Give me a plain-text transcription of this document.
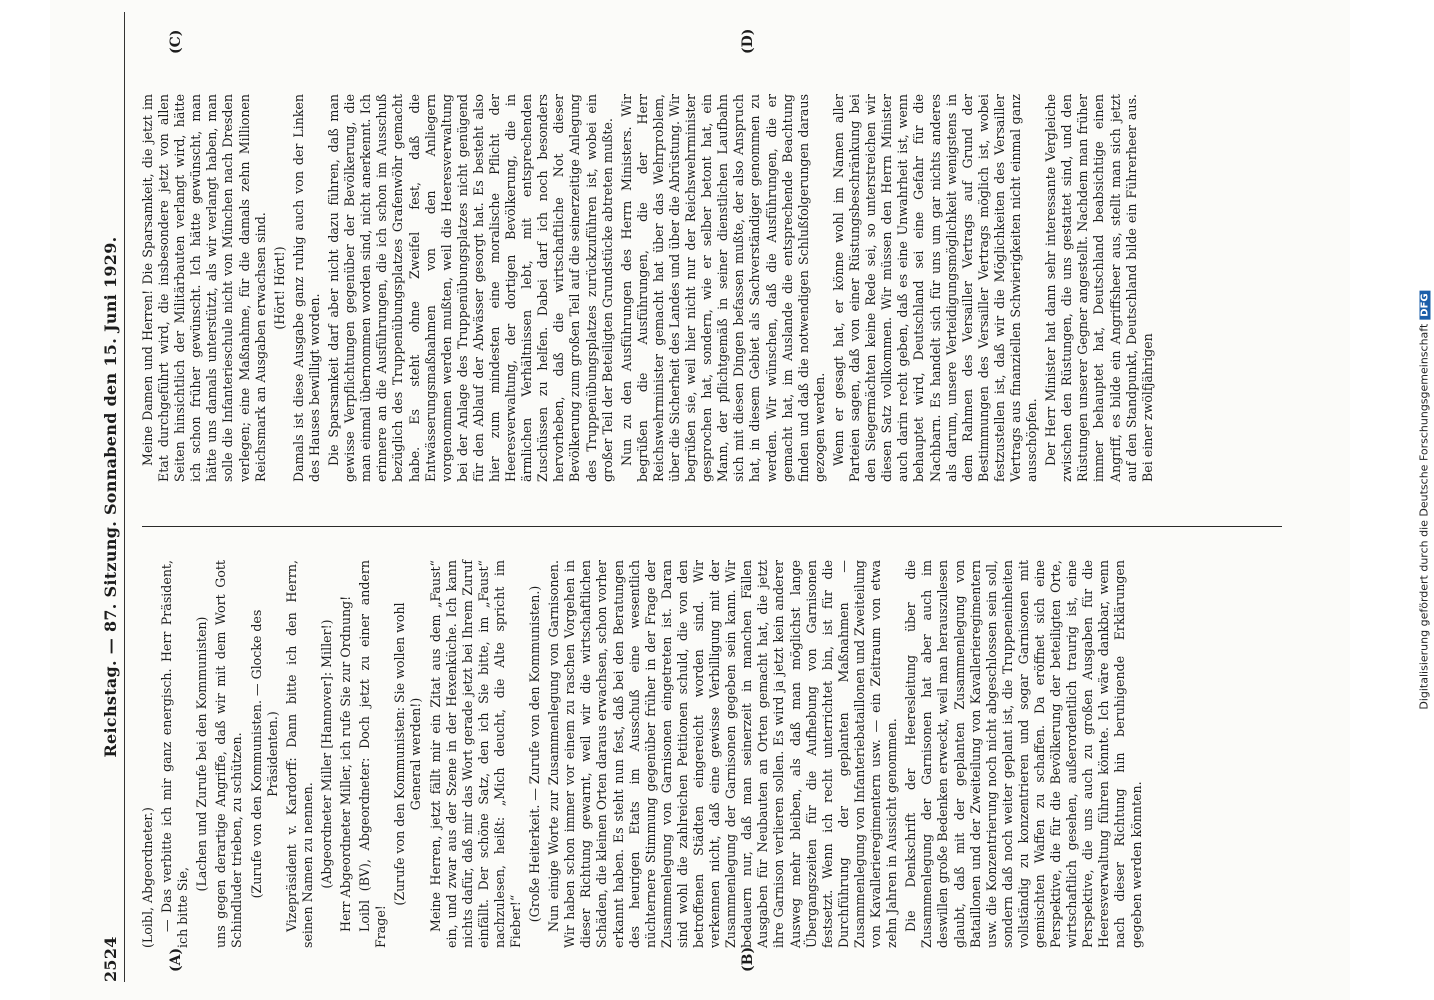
2524
Reichstag. — 87. Sitzung. Sonnabend den 15. Juni 1929.
(A)	(B)
(C)	(D)

(Loibl, Abgeordneter.) — Das verbitte ich mir ganz energisch. Herr Präsident, ich bitte Sie,

(Lachen und Zurufe bei den Kommunisten) uns gegen derartige Angriffe, daß wir mit dem Wort Gott Schindluder trieben, zu schützen. (Zurufe von den Kommunisten. — Glocke des Präsidenten.) Vizepräsident v. Kardorff: Dann bitte ich den Herrn, seinen Namen zu nennen. (Abgeordneter Miller [Hannover]: Miller!) Herr Abgeordneter Miller, ich rufe Sie zur Ordnung! Loibl (BV), Abgeordneter: Doch jetzt zu einer andern Frage!

(Zurufe von den Kommunisten: Sie wollen wohl General werden!) Meine Herren, jetzt fällt mir ein Zitat aus dem „Faust“ ein, und zwar aus der Szene in der Hexenküche. Ich kann nichts dafür, daß mir das Wort gerade jetzt bei Ihrem Zuruf einfällt. Der schöne Satz, den ich Sie bitte, im „Faust“ nachzulesen, heißt: „Mich deucht, die Alte spricht im Fieber!“ (Große Heiterkeit. — Zurufe von den Kommunisten.) Nun einige Worte zur Zusammenlegung von Garnisonen. Wir haben schon immer vor einem zu raschen Vorgehen in dieser Richtung gewarnt, weil wir die wirtschaftlichen Schäden, die kleinen Orten daraus erwachsen, schon vorher erkannt haben. Es steht nun fest, daß bei den Beratungen des heurigen Etats im Ausschuß eine wesentlich nüchternere Stimmung gegenüber früher in der Frage der Zusammenlegung von Garnisonen eingetreten ist. Daran sind wohl die zahlreichen Petitionen schuld, die von den betroffenen Städten eingereicht worden sind. Wir verkennen nicht, daß eine gewisse Verbilligung mit der Zusammenlegung der Garnisonen gegeben sein kann. Wir bedauern nur, daß man seinerzeit in manchen Fällen Ausgaben für Neubauten an Orten gemacht hat, die jetzt ihre Garnison verlieren sollen. Es wird ja jetzt kein anderer Ausweg mehr bleiben, als daß man möglichst lange Übergangszeiten für die Aufhebung von Garnisonen festsetzt. Wenn ich recht unterrichtet bin, ist für die Durchführung der geplanten Maßnahmen — Zusammenlegung von Infanteriebataillonen und Zweiteilung von Kavallerieregimentern usw. — ein Zeitraum von etwa zehn Jahren in Aussicht genommen. Die Denkschrift der Heeresleitung über die Zusammenlegung der Garnisonen hat aber auch im deswillen große Bedenken erweckt, weil man herauszulesen glaubt, daß mit der geplanten Zusammenlegung von Bataillonen und der Zweiteilung von Kavallerieregimentern usw. die Konzentrierung noch nicht abgeschlossen sein soll, sondern daß noch weiter geplant ist, die Truppeneinheiten vollständig zu konzentrieren und sogar Garnisonen mit gemischten Waffen zu schaffen. Da eröffnet sich eine Perspektive, die für die Bevölkerung der beteiligten Orte, wirtschaftlich gesehen, außerordentlich traurig ist, eine Perspektive, die uns auch zu großen Ausgaben für die Heeresverwaltung führen könnte. Ich wäre dankbar, wenn nach dieser Richtung hin beruhigende Erklärungen gegeben werden könnten.

Meine Damen und Herren! Die Sparsamkeit, die jetzt im Etat durchgeführt wird, die insbesondere jetzt von allen Seiten hinsichtlich der Militärbauten verlangt wird, hätte ich schon früher gewünscht. Ich hätte gewünscht, man hätte uns damals unterstützt, als wir verlangt haben, man solle die Infanterieschule nicht von München nach Dresden verlegen; eine Maßnahme, für die damals zehn Millionen Reichsmark an Ausgaben erwachsen sind. (Hört! Hört!) Damals ist diese Ausgabe ganz ruhig auch von der Linken des Hauses bewilligt worden. Die Sparsamkeit darf aber nicht dazu führen, daß man gewisse Verpflichtungen gegenüber der Bevölkerung, die man einmal übernommen worden sind, nicht anerkennt. Ich erinnere an die Ausführungen, die ich schon im Ausschuß bezüglich des Truppenübungsplatzes Grafenwöhr gemacht habe. Es steht ohne Zweifel fest, daß die Entwässerungsmaßnahmen von den Anliegern vorgenommen werden mußten, weil die Heeresverwaltung bei der Anlage des Truppenübungsplatzes nicht genügend für den Ablauf der Abwässer gesorgt hat. Es besteht also hier zum mindesten eine moralische Pflicht der Heeresverwaltung, der dortigen Bevölkerung, die in ärmlichen Verhältnissen lebt, mit entsprechenden Zuschüssen zu helfen. Dabei darf ich noch besonders hervorheben, daß die wirtschaftliche Not dieser Bevölkerung zum großen Teil auf die seinerzeitige Anlegung des Truppenübungsplatzes zurückzuführen ist, wobei ein großer Teil der Beteiligten Grundstücke abtreten mußte. Nun zu den Ausführungen des Herrn Ministers. Wir begrüßen die Ausführungen, die der Herr Reichswehrminister gemacht hat über das Wehrproblem, über die Sicherheit des Landes und über die Abrüstung. Wir begrüßen sie, weil hier nicht nur der Reichswehrminister gesprochen hat, sondern, wie er selber betont hat, ein Mann, der pflichtgemäß in seiner dienstlichen Laufbahn sich mit diesen Dingen befassen mußte, der also Anspruch hat, in diesem Gebiet als Sachverständiger genommen zu werden. Wir wünschen, daß die Ausführungen, die er gemacht hat, im Auslande die entsprechende Beachtung finden und daß die notwendigen Schlußfolgerungen daraus gezogen werden. Wenn er gesagt hat, er könne wohl im Namen aller Parteien sagen, daß von einer Rüstungsbeschränkung bei den Siegermächten keine Rede sei, so unterstreichen wir diesen Satz vollkommen. Wir müssen den Herrn Minister auch darin recht geben, daß es eine Unwahrheit ist, wenn behauptet wird, Deutschland sei eine Gefahr für die Nachbarn. Es handelt sich für uns um gar nichts anderes als darum, unsere Verteidigungsmöglichkeit wenigstens in dem Rahmen des Versailler Vertrags auf Grund der Bestimmungen des Versailler Vertrags möglich ist, wobei festzustellen ist, daß wir die Möglichkeiten des Versailler Vertrags aus finanziellen Schwierigkeiten nicht einmal ganz ausschöpfen. Der Herr Minister hat dann sehr interessante Vergleiche zwischen den Rüstungen, die uns gestattet sind, und den Rüstungen unserer Gegner angestellt. Nachdem man früher immer behauptet hat, Deutschland beabsichtige einen Angriff, es bilde ein Angriffsheer aus, stellt man sich jetzt auf den Standpunkt, Deutschland bilde ein Führerheer aus. Bei einer zwölfjährigen	Digitalisierung gefördert durch die Deutsche ForschungsgemeinschaftDFG
